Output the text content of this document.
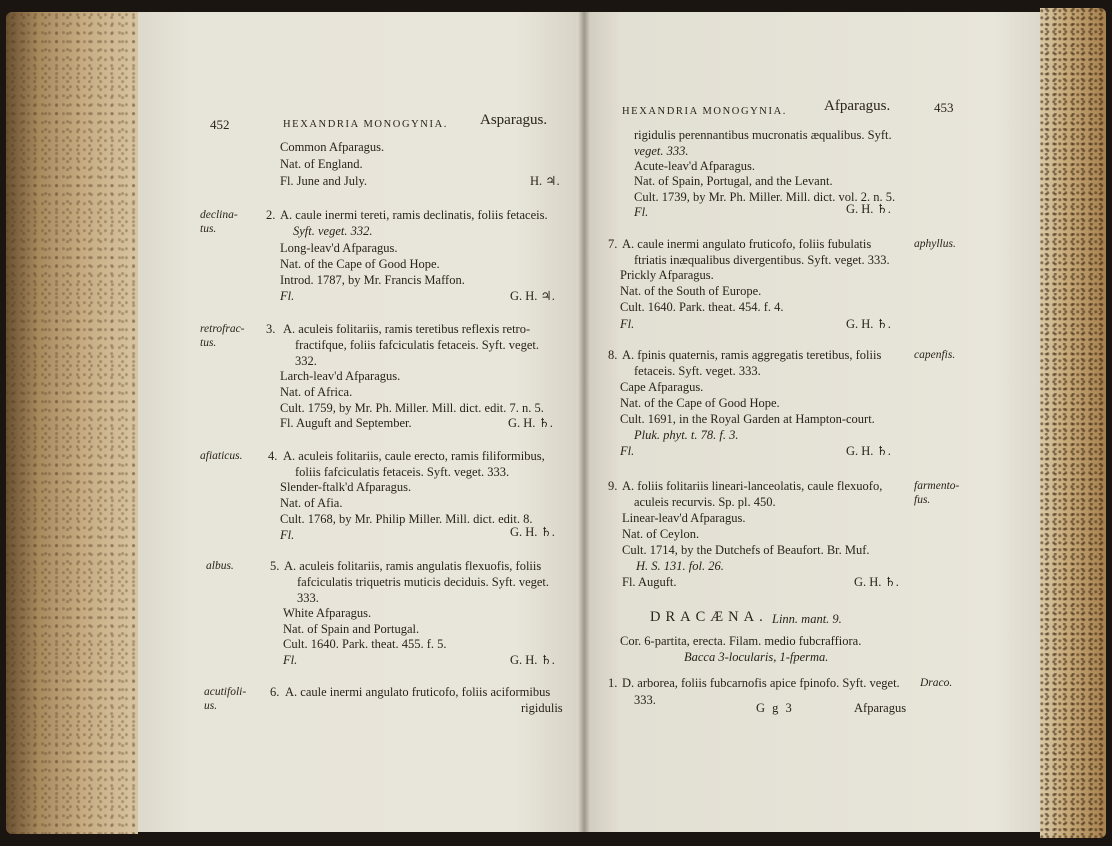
452	HEXANDRIA MONOGYNIA. Asparagus.
Common Afparagus.
Nat. of England.
Fl. June and July.	H. ♃.
declina-
tus.
2. A. caule inermi tereti, ramis declinatis, foliis fetaceis.
Syft. veget. 332.
Long-leav'd Afparagus.
Nat. of the Cape of Good Hope.
Introd. 1787, by Mr. Francis Maffon.
Fl.	G. H. ♃.
retrofrac-
tus.
3. A. aculeis folitariis, ramis teretibus reflexis retro-
fractifque, foliis fafciculatis fetaceis. Syft. veget.
332.
Larch-leav'd Afparagus.
Nat. of Africa.
Cult. 1759, by Mr. Ph. Miller. Mill. dict. edit. 7. n. 5.
Fl. Auguft and September.	G. H. ♄.
afiaticus. 4. A. aculeis folitariis, caule erecto, ramis filiformibus,
foliis fafciculatis fetaceis. Syft. veget. 333.
Slender-ftalk'd Afparagus.
Nat. of Afia.
Cult. 1768, by Mr. Philip Miller. Mill. dict. edit. 8.
Fl.	G. H. ♄.
albus.	5. A. aculeis folitariis, ramis angulatis flexuofis, foliis
fafciculatis triquetris muticis deciduis. Syft. veget.
333.
White Afparagus.
Nat. of Spain and Portugal.
Cult. 1640. Park. theat. 455. f. 5.
Fl.	G. H. ♄.
acutifoli-
us.
6. A. caule inermi angulato fruticofo, foliis aciformibus
rigidulis
HEXANDRIA MONOGYNIA. Afparagus.	453
rigidulis perennantibus mucronatis æqualibus. Syft.
veget. 333.
Acute-leav'd Afparagus.
Nat. of Spain, Portugal, and the Levant.
Cult. 1739, by Mr. Ph. Miller. Mill. dict. vol. 2. n. 5.
Fl.	G. H. ♄.
7.	aphyllus.
A. caule inermi angulato fruticofo, foliis fubulatis
ftriatis inæqualibus divergentibus. Syft. veget. 333.
Prickly Afparagus.
Nat. of the South of Europe.
Cult. 1640. Park. theat. 454. f. 4.
Fl.	G. H. ♄.
8.	capenfis.
A. fpinis quaternis, ramis aggregatis teretibus, foliis
fetaceis. Syft. veget. 333.
Cape Afparagus.
Nat. of the Cape of Good Hope.
Cult. 1691, in the Royal Garden at Hampton-court.
Pluk. phyt. t. 78. f. 3.
Fl.	G. H. ♄.
9.	farmento-
fus.
A. foliis folitariis lineari-lanceolatis, caule flexuofo,
aculeis recurvis. Sp. pl. 450.
Linear-leav'd Afparagus.
Nat. of Ceylon.
Cult. 1714, by the Dutchefs of Beaufort. Br. Muf.
H. S. 131. fol. 26.
Fl. Auguft.	G. H. ♄.
DRACÆNA. Linn. mant. 9.
Cor. 6-partita, erecta. Filam. medio fubcraffiora.
Bacca 3-locularis, 1-fperma.
1. D. arborea, foliis fubcarnofis apice fpinofo. Syft. veget. Draco.
333.
G g 3	Afparagus
